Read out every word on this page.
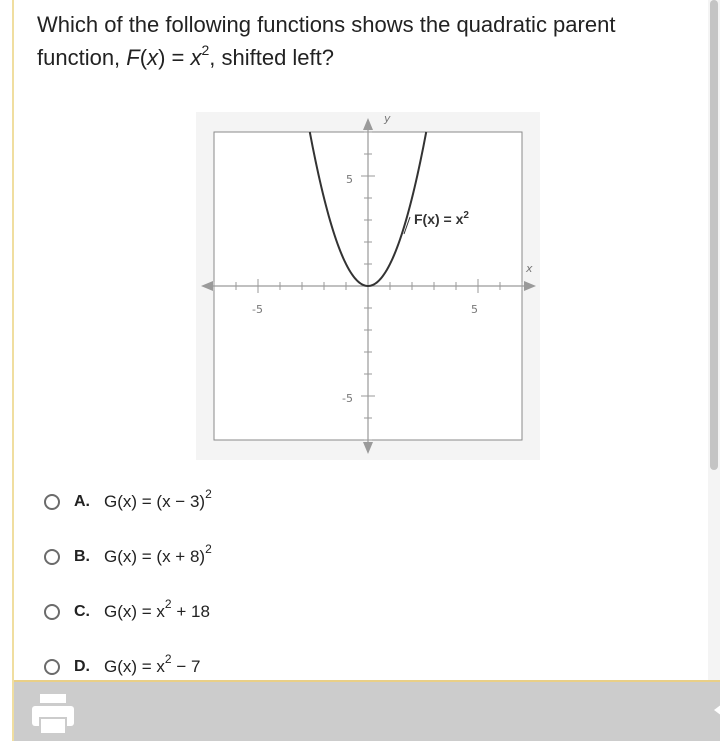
Which of the following functions shows the quadratic parent function, $F(x) = x^2$, shifted left?
y
x
-5	5
5
-5
$F(x) = x^2$
A. $G(x) = (x - 3)^2$
B. $G(x) = (x + 8)^2$
C. $G(x) = x^2 + 18$
D. $G(x) = x^2 - 7$
